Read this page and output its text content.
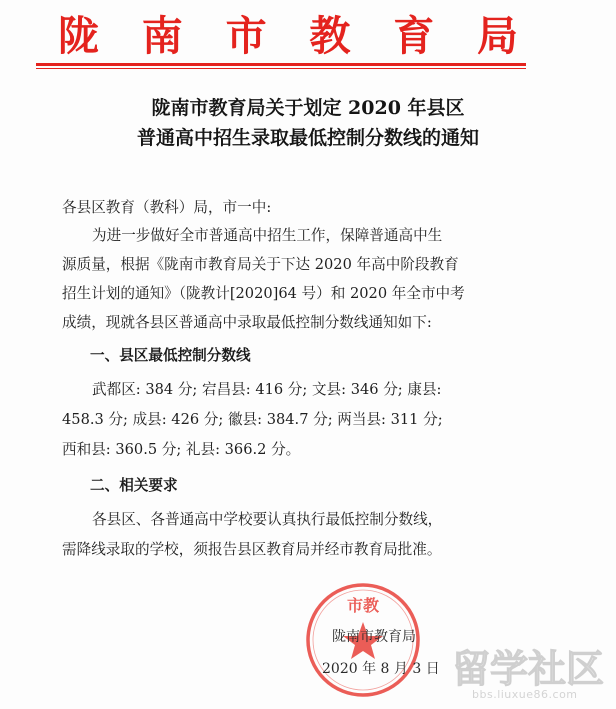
陇 南 市 教 育 局
陇南市教育局关于划定 2020 年县区
普通高中招生录取最低控制分数线的通知
各县区教育（教科）局，市一中:
为进一步做好全市普通高中招生工作，保障普通高中生
源质量，根据《陇南市教育局关于下达 2020 年高中阶段教育
招生计划的通知》（陇教计[2020]64 号）和 2020 年全市中考
成绩，现就各县区普通高中录取最低控制分数线通知如下:
一、县区最低控制分数线
武都区: 384 分; 宕昌县: 416 分; 文县: 346 分; 康县:
458.3 分; 成县: 426 分; 徽县: 384.7 分; 两当县: 311 分;
西和县: 360.5 分; 礼县: 366.2 分。
二、相关要求
各县区、各普通高中学校要认真执行最低控制分数线，
需降线录取的学校，须报告县区教育局并经市教育局批准。
市教
陇南市教育局
2020 年 8 月 3 日 留学社区
bbs.liuxue86.com
